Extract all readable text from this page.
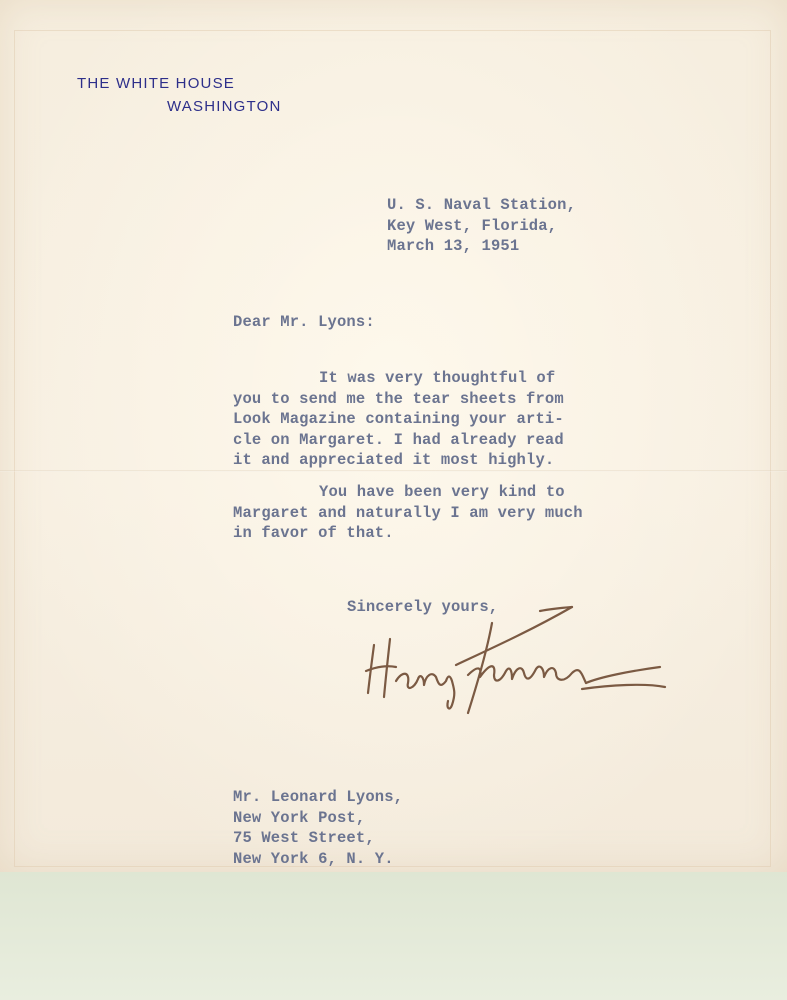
THE WHITE HOUSE
WASHINGTON
U. S. Naval Station,
Key West, Florida,
March 13, 1951
Dear Mr. Lyons:
It was very thoughtful of
you to send me the tear sheets from
Look Magazine containing your arti-
cle on Margaret. I had already read
it and appreciated it most highly.
You have been very kind to
Margaret and naturally I am very much
in favor of that.
Sincerely yours,
Mr. Leonard Lyons,
New York Post,
75 West Street,
New York 6, N. Y.
